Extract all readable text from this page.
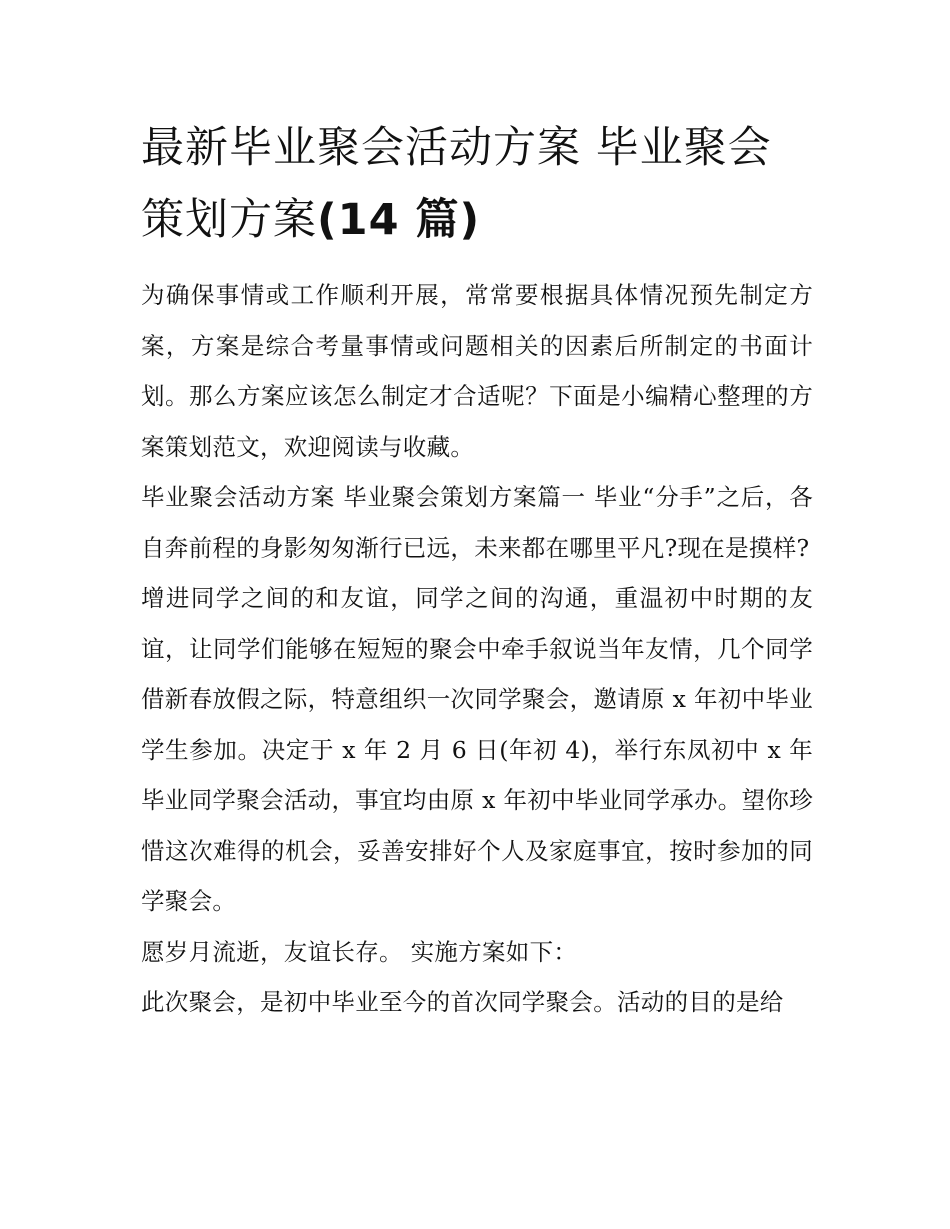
最新毕业聚会活动方案 毕业聚会策划方案(14 篇)

为确保事情或工作顺利开展，常常要根据具体情况预先制定方案，方案是综合考量事情或问题相关的因素后所制定的书面计划。那么方案应该怎么制定才合适呢？下面是小编精心整理的方案策划范文，欢迎阅读与收藏。

毕业聚会活动方案 毕业聚会策划方案篇一 毕业“分手”之后，各自奔前程的身影匆匆渐行已远，未来都在哪里平凡?现在是摸样?

增进同学之间的和友谊，同学之间的沟通，重温初中时期的友谊，让同学们能够在短短的聚会中牵手叙说当年友情，几个同学借新春放假之际，特意组织一次同学聚会，邀请原 x 年初中毕业学生参加。决定于 x 年 2 月 6 日(年初 4)，举行东凤初中 x 年毕业同学聚会活动，事宜均由原 x 年初中毕业同学承办。望你珍惜这次难得的机会，妥善安排好个人及家庭事宜，按时参加的同学聚会。

愿岁月流逝，友谊长存。 实施方案如下：

此次聚会，是初中毕业至今的首次同学聚会。活动的目的是给
